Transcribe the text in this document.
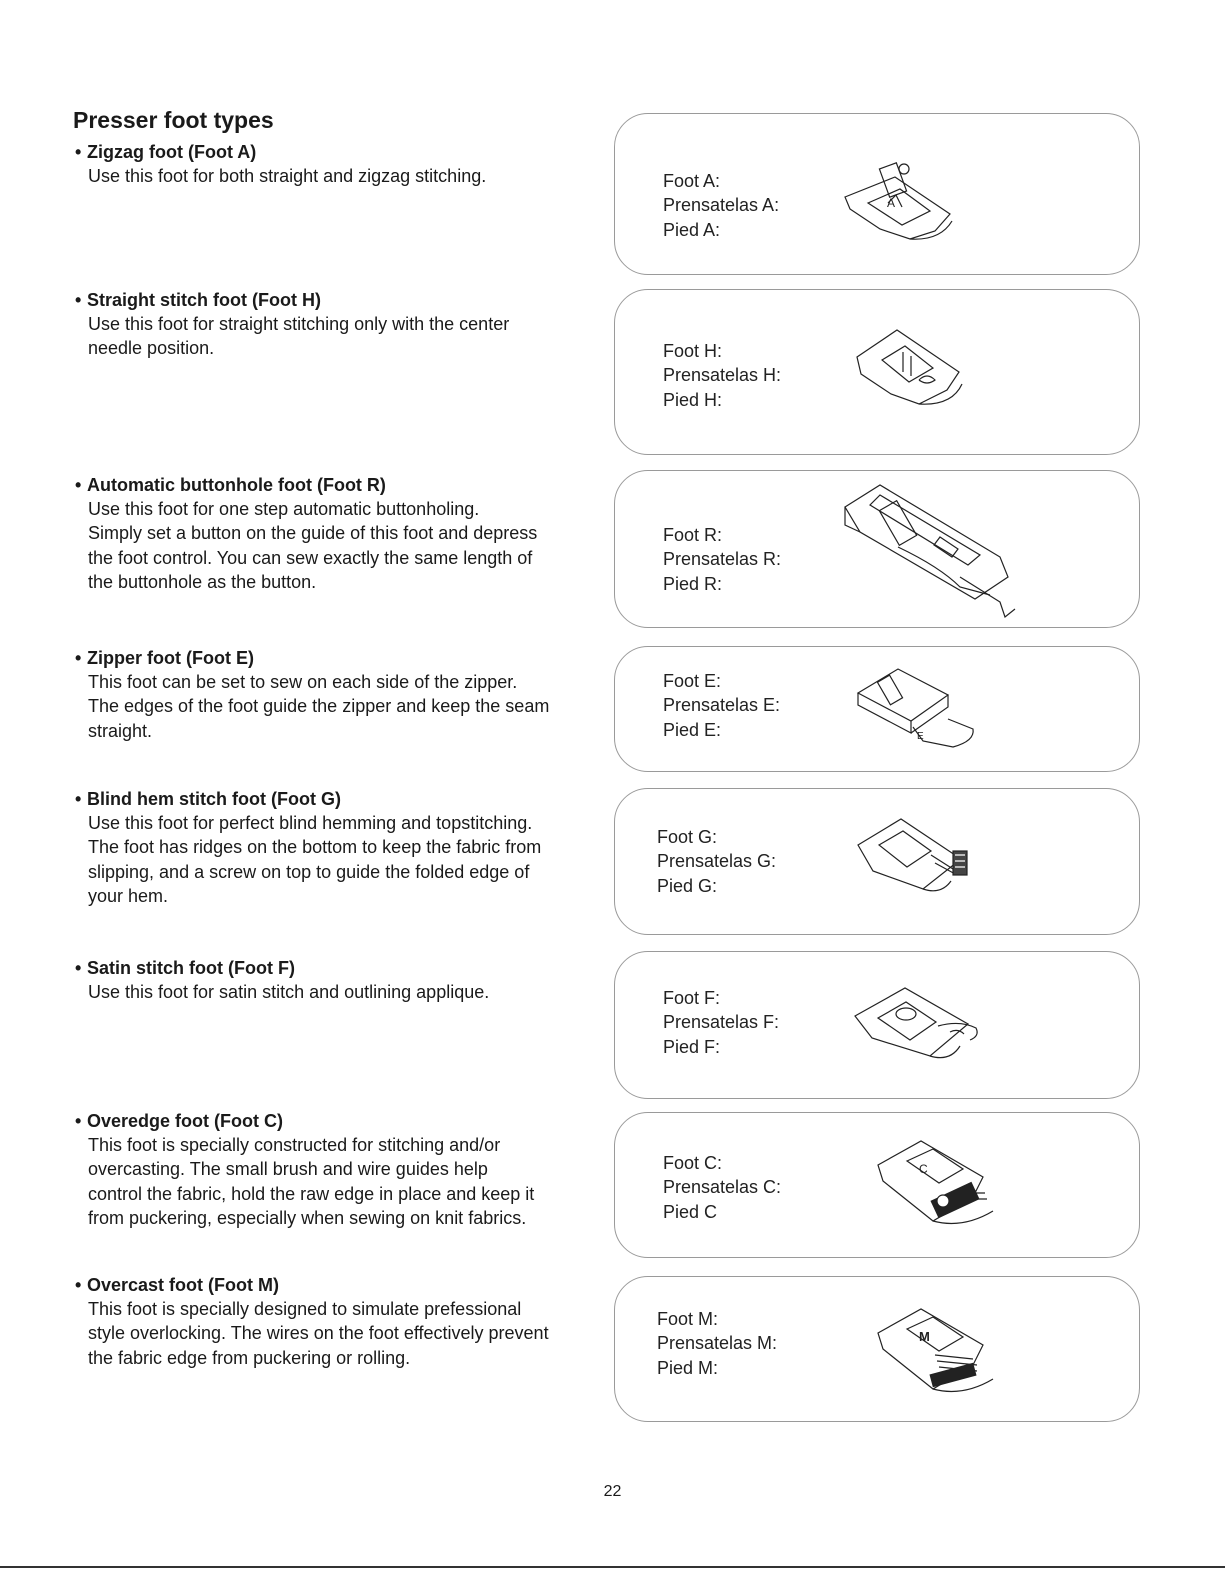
Presser foot types
• Zigzag foot (Foot A)
Use this foot for both straight and zigzag stitching.	Foot A:
Prensatelas A:
Pied A:
A
• Straight stitch foot (Foot H)
Use this foot for straight stitching only with the center
needle position.	Foot H:
Prensatelas H:
Pied H:
• Automatic buttonhole foot (Foot R)
Use this foot for one step automatic buttonholing.
Simply set a button on the guide of this foot and depress
the foot control. You can sew exactly the same length of
the buttonhole as the button.
Foot R:
Prensatelas R:
Pied R:
• Zipper foot (Foot E)
This foot can be set to sew on each side of the zipper.
The edges of the foot guide the zipper and keep the seam
straight.
Foot E:
Prensatelas E:
Pied E:	E
• Blind hem stitch foot (Foot G)
Use this foot for perfect blind hemming and topstitching.
The foot has ridges on the bottom to keep the fabric from
slipping, and a screw on top to guide the folded edge of
your hem.
Foot G:
Prensatelas G:
Pied G:
• Satin stitch foot (Foot F)
Use this foot for satin stitch and outlining applique.	Foot F:
Prensatelas F:
Pied F:
• Overedge foot (Foot C)
This foot is specially constructed for stitching and/or
overcasting. The small brush and wire guides help
control the fabric, hold the raw edge in place and keep it
from puckering, especially when sewing on knit fabrics.
Foot C:
Prensatelas C:
Pied C
C
• Overcast foot (Foot M)
This foot is specially designed to simulate prefessional
style overlocking. The wires on the foot effectively prevent
the fabric edge from puckering or rolling.
Foot M:
Prensatelas M:
Pied M:
M
22
